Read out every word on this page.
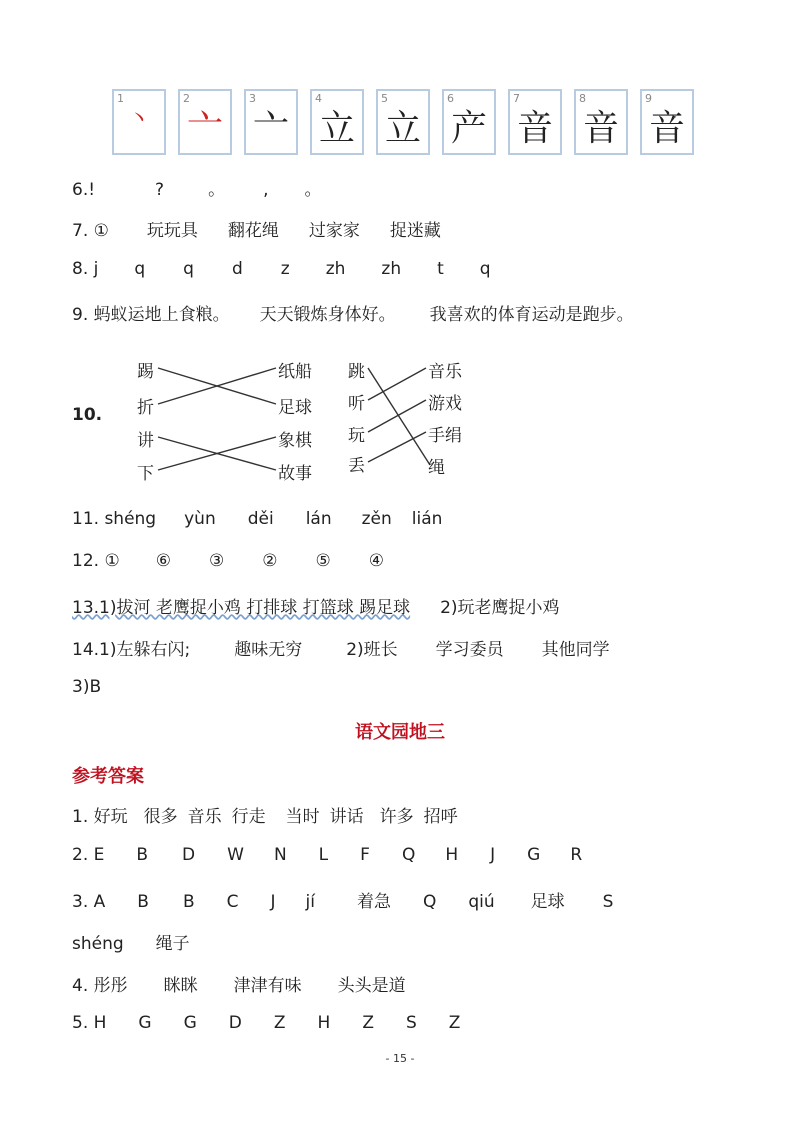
1
丶
2
亠
3
亠
4
立
5
立
6
产
7
音
8
音
9
音
6.!	?	。 , 。
7. ① 玩玩具 翻花绳 过家家 捉迷藏
8. j q q d z zh zh t q
9. 蚂蚁运地上食粮。 天天锻炼身体好。 我喜欢的体育运动是跑步。
10.
踢
折
讲
下
纸船
足球
象棋
故事
跳
听
玩
丢
音乐
游戏
手绢
绳
11. shéng yùn děi lán zěn lián
12. ① ⑥ ③ ② ⑤ ④
13.1)拔河 老鹰捉小鸡 打排球 打篮球 踢足球 2)玩老鹰捉小鸡
14.1)左躲右闪;	趣味无穷	2)班长 学习委员 其他同学
3)B
语文园地三
参考答案
1. 好玩 很多 音乐 行走 当时 讲话 许多 招呼
2. E B D W N L F Q H J G R
3. A B B C J jí 着急 Q qiú 足球 S
shéng 绳子
4. 彤彤 眯眯 津津有味 头头是道
5. H G G D Z H Z S Z
- 15 -
